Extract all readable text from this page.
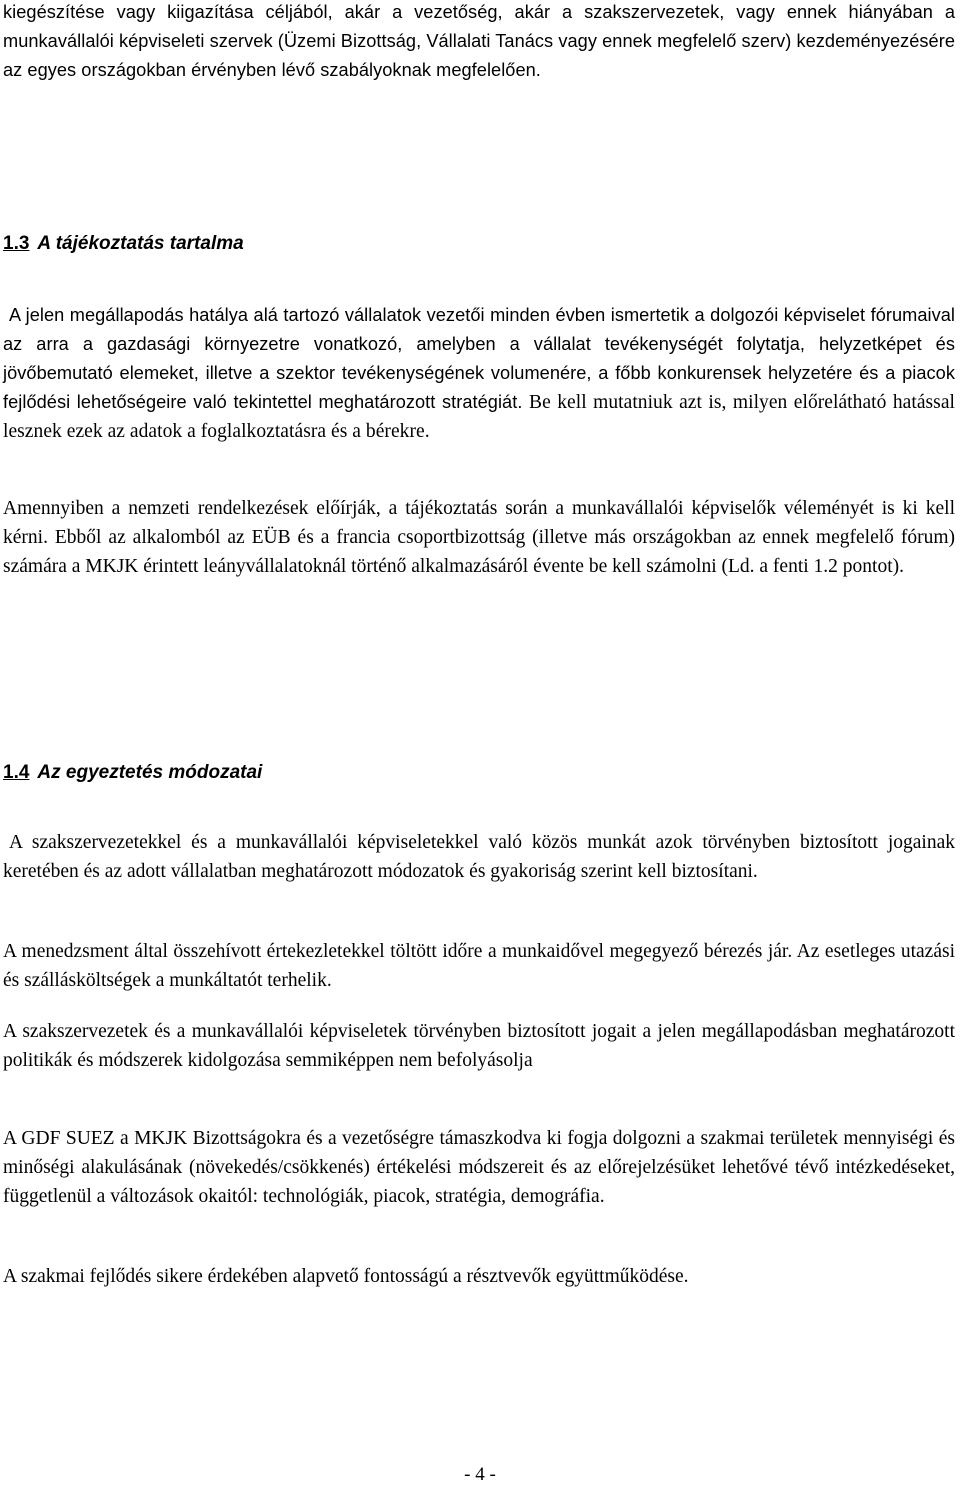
kiegészítése vagy kiigazítása céljából, akár a vezetőség, akár a szakszervezetek, vagy ennek hiányában a munkavállalói képviseleti szervek (Üzemi Bizottság, Vállalati Tanács vagy ennek megfelelő szerv) kezdeményezésére az egyes országokban érvényben lévő szabályoknak megfelelően.

1.3 A tájékoztatás tartalma

A jelen megállapodás hatálya alá tartozó vállalatok vezetői minden évben ismertetik a dolgozói képviselet fórumaival az arra a gazdasági környezetre vonatkozó, amelyben a vállalat tevékenységét folytatja, helyzetképet és jövőbemutató elemeket, illetve a szektor tevékenységének volumenére, a főbb konkurensek helyzetére és a piacok fejlődési lehetőségeire való tekintettel meghatározott stratégiát. Be kell mutatniuk azt is, milyen előrelátható hatással lesznek ezek az adatok a foglalkoztatásra és a bérekre.

Amennyiben a nemzeti rendelkezések előírják, a tájékoztatás során a munkavállalói képviselők véleményét is ki kell kérni. Ebből az alkalomból az EÜB és a francia csoportbizottság (illetve más országokban az ennek megfelelő fórum) számára a MKJK érintett leányvállalatoknál történő alkalmazásáról évente be kell számolni (Ld. a fenti 1.2 pontot).

1.4 Az egyeztetés módozatai

A szakszervezetekkel és a munkavállalói képviseletekkel való közös munkát azok törvényben biztosított jogainak keretében és az adott vállalatban meghatározott módozatok és gyakoriság szerint kell biztosítani.

A menedzsment által összehívott értekezletekkel töltött időre a munkaidővel megegyező bérezés jár. Az esetleges utazási és szállásköltségek a munkáltatót terhelik.

A szakszervezetek és a munkavállalói képviseletek törvényben biztosított jogait a jelen megállapodásban meghatározott politikák és módszerek kidolgozása semmiképpen nem befolyásolja

A GDF SUEZ a MKJK Bizottságokra és a vezetőségre támaszkodva ki fogja dolgozni a szakmai területek mennyiségi és minőségi alakulásának (növekedés/csökkenés) értékelési módszereit és az előrejelzésüket lehetővé tévő intézkedéseket, függetlenül a változások okaitól: technológiák, piacok, stratégia, demográfia.

A szakmai fejlődés sikere érdekében alapvető fontosságú a résztvevők együttműködése.

- 4 -
